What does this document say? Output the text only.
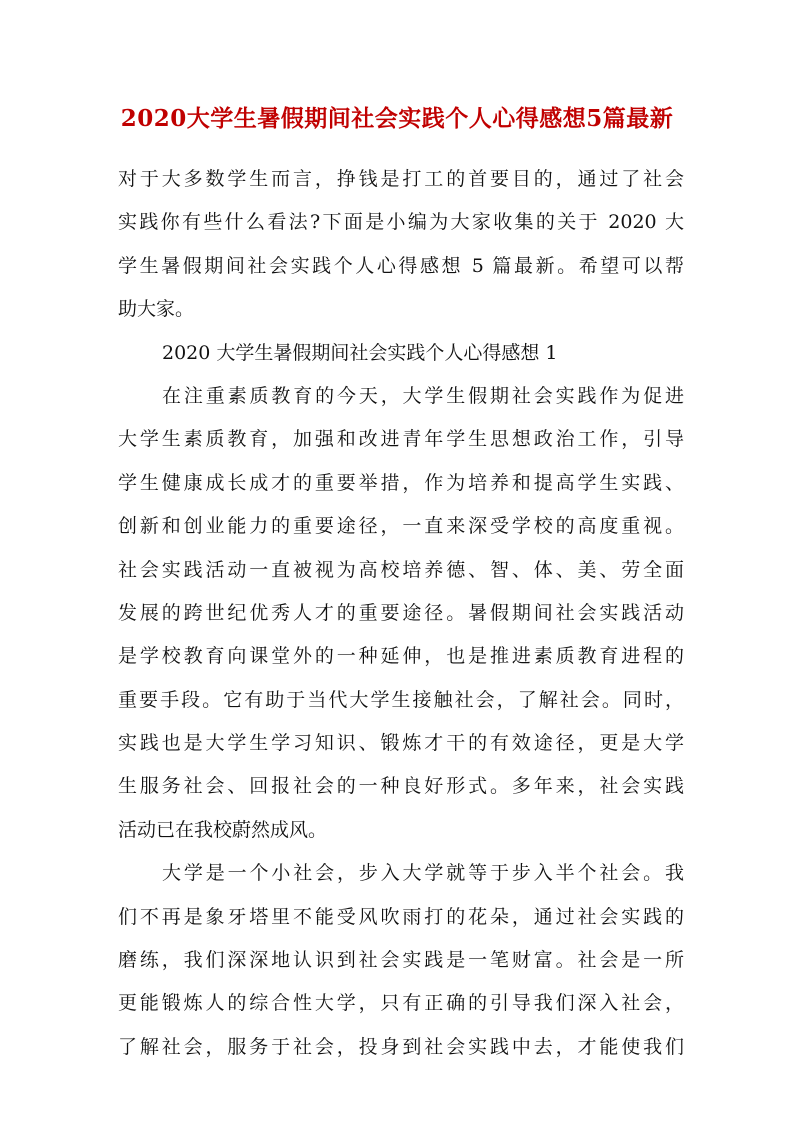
2020大学生暑假期间社会实践个人心得感想5篇最新
对于大多数学生而言，挣钱是打工的首要目的，通过了社会
实践你有些什么看法?下面是小编为大家收集的关于 2020 大
学生暑假期间社会实践个人心得感想 5 篇最新。希望可以帮
助大家。
2020 大学生暑假期间社会实践个人心得感想 1
在注重素质教育的今天，大学生假期社会实践作为促进
大学生素质教育，加强和改进青年学生思想政治工作，引导
学生健康成长成才的重要举措，作为培养和提高学生实践、
创新和创业能力的重要途径，一直来深受学校的高度重视。
社会实践活动一直被视为高校培养德、智、体、美、劳全面
发展的跨世纪优秀人才的重要途径。暑假期间社会实践活动
是学校教育向课堂外的一种延伸，也是推进素质教育进程的
重要手段。它有助于当代大学生接触社会，了解社会。同时，
实践也是大学生学习知识、锻炼才干的有效途径，更是大学
生服务社会、回报社会的一种良好形式。多年来，社会实践
活动已在我校蔚然成风。
大学是一个小社会，步入大学就等于步入半个社会。我
们不再是象牙塔里不能受风吹雨打的花朵，通过社会实践的
磨练，我们深深地认识到社会实践是一笔财富。社会是一所
更能锻炼人的综合性大学，只有正确的引导我们深入社会，
了解社会，服务于社会，投身到社会实践中去，才能使我们
